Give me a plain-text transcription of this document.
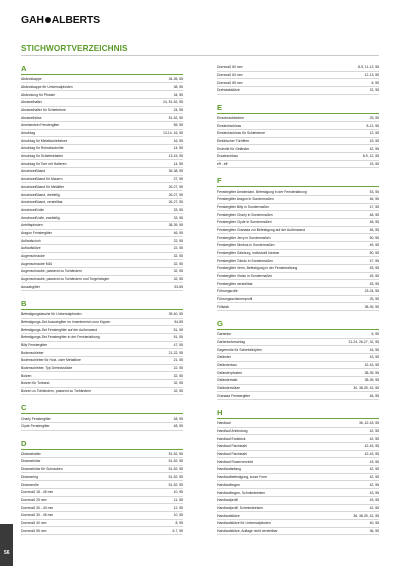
GAH ALBERTS
STICHWORTVERZEICHNIS
A
Abdeckkappe	34-35, 55
Abdeckkappe für Universalpfosten	38, 55
Abdeckung für Pfosten	34, 55
Abstandhalter	24, 51-52, 55
Abstandhalter für Schiebetore	24, 55
Abstandhülse	51-52, 55
Ameisestein Fenstergitter	55, 55
Anschlag	13-14, 16, 55
Anschlag für Metallschiebetore	16, 55
Anschlag für Rohrabschnitte	14, 55
Anschlag für Schiebekästen	13-15, 55
Anschlag für Tore mit Halteren	14, 55
Anschweißband	36-38, 55
Anschweißband für Mauern	27, 55
Anschweißband für Metallfer	26-27, 55
Anschweißband, dreiteilig	26-27, 55
Anschweißband, verstellbar	26-27, 55
Anschweißrolle	33, 55
Anschweißrolle, zweiteilig	33, 55
Antriftspfosten	38-39, 55
Aragon Fenstergitter	46, 55
Auflaufschuh	22, 55
Auflaufstütze	22, 55
Augenschraube	32, 55
Augenschraube M16	32, 55
Augenschraube, passend zu Torbändern	32, 55
Augenschraube, passend zu Torbändern und Torgehängen	32, 55
Auszahgitter	53-55
B
Befestigungslasche für Universalpfosten	39-40, 55
Befestigungs-Set Auszahgitter im Innenbereich zum Kippen	54-55
Befestigungs-Set Fenstergitter auf der Außenwand	51, 55
Befestigungs-Set Fenstergitter in der Fensterlaibung	51, 55
Billy Fenstergitter	47, 55
Bodenschieber	21-22, 55
Bodenschieber für Holz- oder Metalltore	21, 55
Bodenschieber, Typ Dreieckstütze	22, 55
Bolzen	32, 55
Bolzen für Torband	32, 55
Bolzen zu Torbändern, passend zu Torbändern	32, 55
C
Charly Fenstergitter	48, 55
Clyde Fenstergitter	48, 55
D
Distanzhalter	51-52, 55
Distanzhülse	51-52, 55
Distanzhülse für Schrauben	51-52, 55
Distanzring	51-52, 55
Distanzrolle	51-52, 55
Dornmaß 18 - 45 mm	10, 55
Dornmaß 25 mm	11, 55
Dornmaß 30 - 40 mm	12, 55
Dornmaß 30 - 45 mm	10, 55
Dornmaß 40 mm	8, 55
Dornmaß 55 mm	6-7, 55
Dornmaß 60 mm	8-9, 11-12, 55
Dornmaß 64 mm	12-13, 55
Dornmaß 65 mm	6, 55
Drehstabstütze	22, 55
E
Einschraubkloben	25, 55
Einsteckschloss	8-12, 55
Einsteckschloss für Schiebetore	12, 55
Elektrischer Türöffner	15, 55
Endrolle für Geländer	42, 55
Ersatzschloss	8-9, 12, 55
eff - eff	15, 55
F
Fenstergitter Amsterdam, Befestigung in der Fensterlaibung	53, 55
Fenstergitter Aragon in Sondermaßen	46, 55
Fenstergitter Billy in Sondermaßen	47, 55
Fenstergitter Charly in Sondermaßen	48, 55
Fenstergitter Clyde in Sondermaßen	48, 55
Fenstergitter Granada zur Befestigung auf der Außenwand	46, 55
Fenstergitter Jerry in Sondermaßen	50, 55
Fenstergitter Nimbus in Sondermaßen	49, 55
Fenstergitter Salzburg, individuell kürzbar	50, 55
Fenstergitter Toledo in Sondermaßen	47, 55
Fenstergitter Verin, Befestigung in der Fensterlaibung	53, 55
Fenstergitter Vivian in Sondermaßen	49, 55
Fenstergitter verstellbar	53, 55
Führungsrolle	23-24, 55
Führungsschienenprofil	25, 55
Füllstab	38-39, 55
G
Gartentor	6, 55
Gartentorbeschlag	21-24, 26-27, 32, 55
Gegenrolle für Schiebeköpfen	16, 55
Geländer	43, 55
Geländerbau	42-43, 55
Geländerpfosten	38-39, 55
Geländerstab	38-39, 55
Geländerstütze	30, 38-39, 42, 55
Granada Fenstergitter	46, 55
H
Handlauf	36, 42-43, 55
Handlauf Anbindung	42, 55
Handlauf Endstück	42, 55
Handlauf Flachstahl	42-43, 55
Handlauf Flachstahl	42-43, 55
Handlauf Rosenverzinkt	43, 55
Handlaufanfang	42, 55
Handlaufbefestigung, kurze Form	42, 55
Handlaufbogen	42, 55
Handlaufbogen, Schmiedeeisen	43, 55
Handlaufprofil	43, 55
Handlaufprofil, Schmiedeeisen	42, 55
Handlaufstütze	36, 38-39, 42, 55
Handlaufstütze für Universalpfosten	40, 55
Handlaufstütze, Auflage nicht verstellbar	36, 55
56
